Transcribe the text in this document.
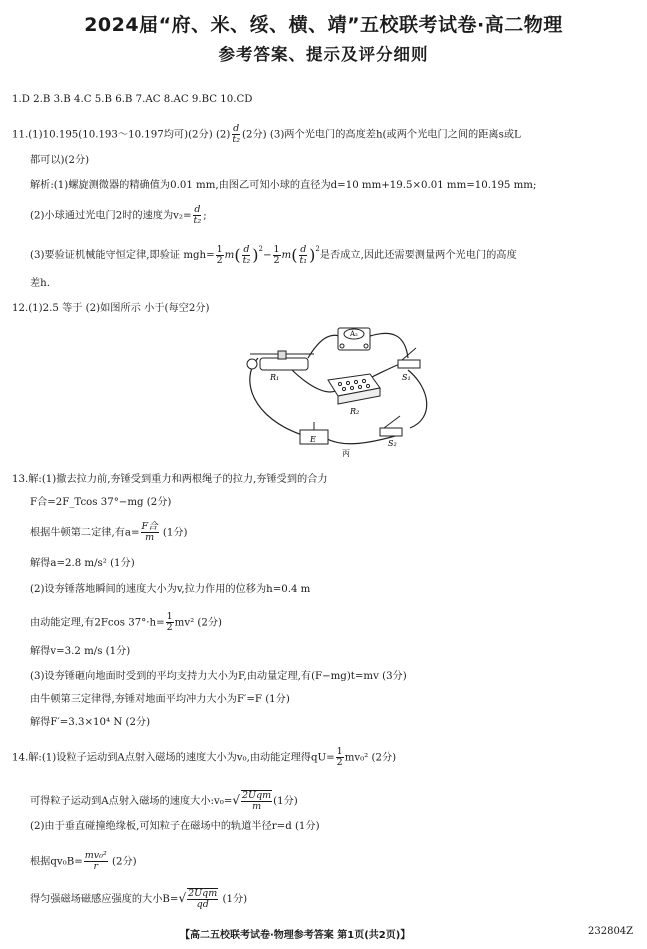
2024届“府、米、绥、横、靖”五校联考试卷·高二物理
参考答案、提示及评分细则
1.D 2.B 3.B 4.C 5.B 6.B 7.AC 8.AC 9.BC 10.CD
11.(1)10.195(10.193～10.197均可)(2分) $(2) \frac{d}{\text{t₂}} (2$分) (3)两个光电门的高度差h(或两个光电门之间的距离s或L
都可以)(2分)
解析:(1)螺旋测微器的精确值为0.01 mm,由图乙可知小球的直径为d=10 mm+19.5×0.01 mm=10.195 mm;
(2)小球通过光电门2时的速度为$v_2= \frac{d}{\text{t₂}}$ ;
(3)要验证机械能守恒定律,即验证 $mgh= \frac{1}{2} m( \frac{d}{\text{t₂}} )^2- \frac{1}{2} m( \frac{d}{\text{t₁}} )^2$是否成立,因此还需要测量两个光电门的高度
差h.
12.(1)2.5 等于 (2)如图所示 小于(每空2分)
A₂
R₁
R₂
S₁
E	S₂
丙
13.解:(1)撤去拉力前,夯锤受到重力和两根绳子的拉力,夯锤受到的合力
F合=2F_Tcos 37°−mg (2分)
根据牛顿第二定律,有$a= \frac{\text{F合}}{m} (1$分)
解得a=2.8 m/s² (1分)
(2)设夯锤落地瞬间的速度大小为v,拉力作用的位移为h=0.4 m
由动能定理,有2Fcos $37^\circ\cdot h= \frac{1}{2} mv^2$ (2分)
解得v=3.2 m/s (1分)
(3)设夯锤砸向地面时受到的平均支持力大小为F,由动量定理,有(F−mg)t=mv (3分)
由牛顿第三定律得,夯锤对地面平均冲力大小为F′=F (1分)
解得F′=3.3×10⁴ N (2分)
14.解:(1)设粒子运动到A点射入磁场的速度大小为v₀,由动能定理得$qU= \frac{1}{2} mv_0^2$ (2分)
可得粒子运动到A点射入磁场的速度大小:v₀=√ $\frac{\text{2Uqm}}{m} (1$分)
(2)由于垂直碰撞绝缘板,可知粒子在磁场中的轨道半径r=d (1分)
根据$qv_0B= \frac{\text{mv₀²}}{r} (2$分)
得匀强磁场磁感应强度的大小$B=√ \frac{\text{2Uqm}}{qd} (1$分)
【高二五校联考试卷·物理参考答案 第1页(共2页)】	232804Z
